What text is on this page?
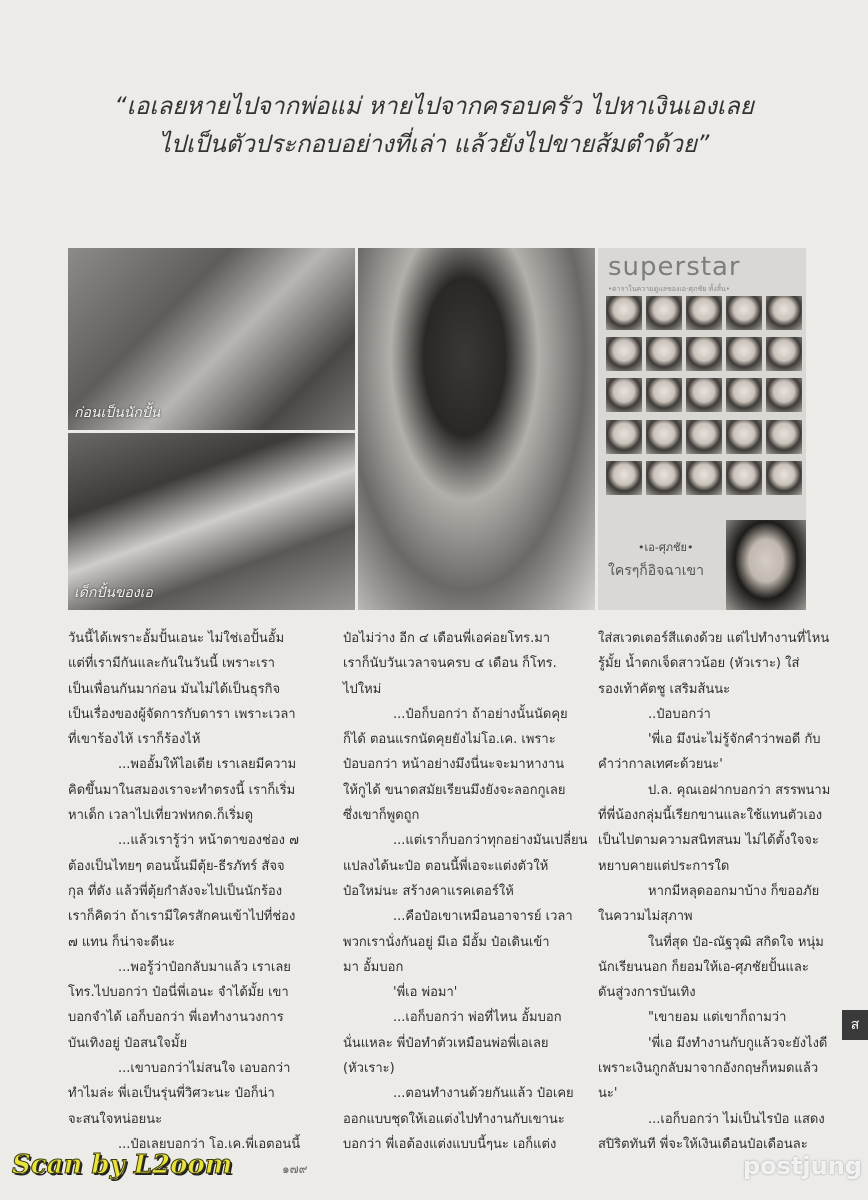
“เอเลยหายไปจากพ่อแม่ หายไปจากครอบครัว ไปหาเงินเองเลย
ไปเป็นตัวประกอบอย่างที่เล่า แล้วยังไปขายส้มตำด้วย”
ก่อนเป็นนักปั้น
เด็กปั้นของเอ
superstar
•ดาราในความดูแลของเอ-ศุภชัย ทั้งสิ้น•
•เอ-ศุภชัย•
ใครๆก็อิจฉาเขา
วันนี้ได้เพราะอั้มปั้นเอนะ ไม่ใช่เอปั้นอั้ม
แต่ที่เรามีกันและกันในวันนี้ เพราะเรา
เป็นเพื่อนกันมาก่อน มันไม่ได้เป็นธุรกิจ
เป็นเรื่องของผู้จัดการกับดารา เพราะเวลา
ที่เขาร้องไห้ เราก็ร้องไห้
...พออั้มให้ไอเดีย เราเลยมีความ
คิดขึ้นมาในสมองเราจะทำตรงนี้ เราก็เริ่ม
หาเด็ก เวลาไปเที่ยวฟหกด.ก็เริ่มดู
...แล้วเรารู้ว่า หน้าตาของช่อง ๗
ต้องเป็นไทยๆ ตอนนั้นมีตุ้ย-ธีรภัทร์ สัจจ
กุล ที่ดัง แล้วพี่ตุ้ยกำลังจะไปเป็นนักร้อง
เราก็คิดว่า ถ้าเรามีใครสักคนเข้าไปที่ช่อง
๗ แทน ก็น่าจะดีนะ
...พอรู้ว่าป๋อกลับมาแล้ว เราเลย
โทร.ไปบอกว่า ป๋อนี่พี่เอนะ จำได้มั้ย เขา
บอกจำได้ เอก็บอกว่า พี่เอทำงานวงการ
บันเทิงอยู่ ป๋อสนใจมั้ย
...เขาบอกว่าไม่สนใจ เอบอกว่า
ทำไมล่ะ พี่เอเป็นรุ่นพี่วิศวะนะ ป๋อก็น่า
จะสนใจหน่อยนะ
...ป๋อเลยบอกว่า โอ.เค.พี่เอตอนนี้
ป๋อไม่ว่าง อีก ๔ เดือนพี่เอค่อยโทร.มา
เราก็นับวันเวลาจนครบ ๔ เดือน ก็โทร.
ไปใหม่
...ป๋อก็บอกว่า ถ้าอย่างนั้นนัดคุย
ก็ได้ ตอนแรกนัดคุยยังไม่โอ.เค. เพราะ
ป๋อบอกว่า หน้าอย่างมึงนี่นะจะมาหางาน
ให้กูได้ ขนาดสมัยเรียนมึงยังจะลอกกูเลย
ซึ่งเขาก็พูดถูก
...แต่เราก็บอกว่าทุกอย่างมันเปลี่ยน
แปลงได้นะป๋อ ตอนนี้พี่เอจะแต่งตัวให้
ป๋อใหม่นะ สร้างคาแรคเตอร์ให้
...คือป๋อเขาเหมือนอาจารย์ เวลา
พวกเรานั่งกันอยู่ มีเอ มีอั้ม ป๋อเดินเข้า
มา อั้มบอก
'พี่เอ พ่อมา'
...เอก็บอกว่า พ่อที่ไหน อั้มบอก
นั่นแหละ พี่ป๋อทำตัวเหมือนพ่อพี่เอเลย
(หัวเราะ)
...ตอนทำงานด้วยกันแล้ว ป๋อเคย
ออกแบบชุดให้เอแต่งไปทำงานกับเขานะ
บอกว่า พี่เอต้องแต่งแบบนี้ๆนะ เอก็แต่ง
ใส่สเวตเตอร์สีแดงด้วย แต่ไปทำงานที่ไหน
รู้มั้ย น้ำตกเจ็ดสาวน้อย (หัวเราะ) ใส่
รองเท้าคัตชู เสริมส้นนะ
..ป๋อบอกว่า
'พี่เอ มึงน่ะไม่รู้จักคำว่าพอดี กับ
คำว่ากาลเทศะด้วยนะ'
ป.ล. คุณเอฝากบอกว่า สรรพนาม
ที่พี่น้องกลุ่มนี้เรียกขานและใช้แทนตัวเอง
เป็นไปตามความสนิทสนม ไม่ได้ตั้งใจจะ
หยาบคายแต่ประการใด
หากมีหลุดออกมาบ้าง ก็ขออภัย
ในความไม่สุภาพ
ในที่สุด ป๋อ-ณัฐวุฒิ สกิดใจ หนุ่ม
นักเรียนนอก ก็ยอมให้เอ-ศุภชัยปั้นและ
ดันสู่วงการบันเทิง
"เขายอม แต่เขาก็ถามว่า
'พี่เอ มึงทำงานกับกูแล้วจะยังไงดี
เพราะเงินกูกลับมาจากอังกฤษก็หมดแล้ว
นะ'
...เอก็บอกว่า ไม่เป็นไรป๋อ แสดง
สปิริตทันที พี่จะให้เงินเดือนป๋อเดือนละ
ส
Scan by L2oom	๑๗๙	postjung
